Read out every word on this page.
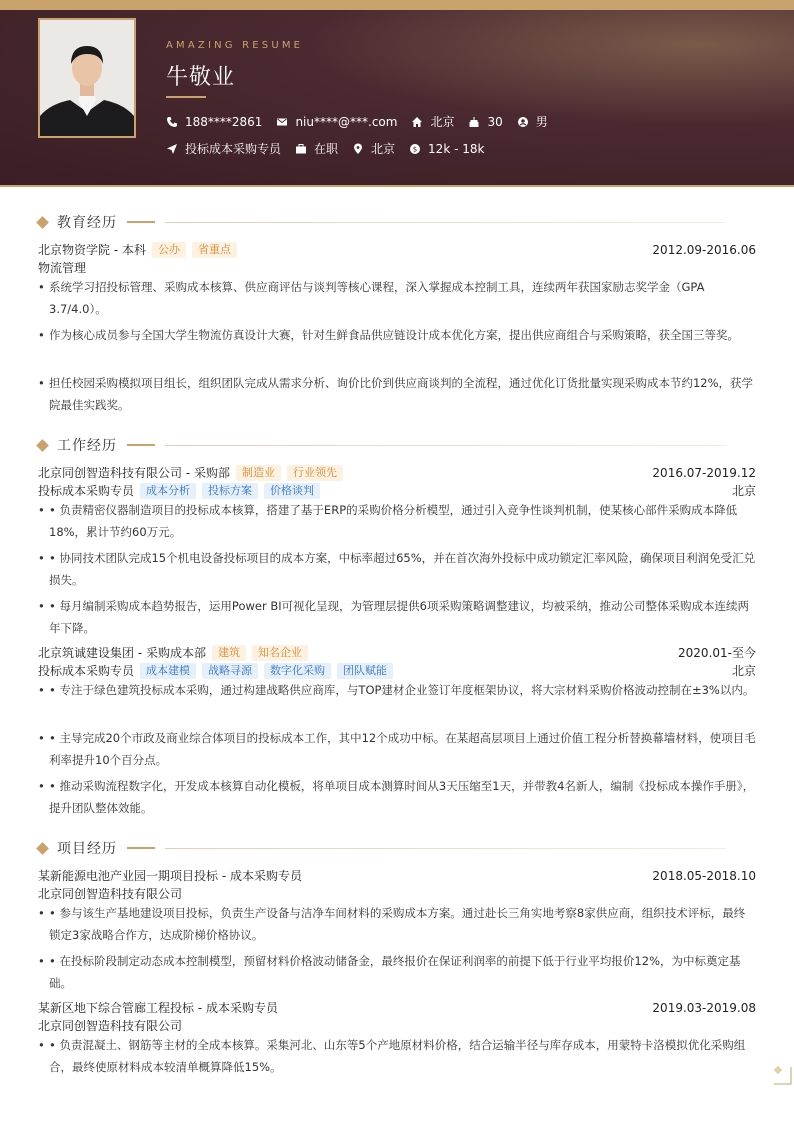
AMAZING RESUME
牛敬业
188****2861	niu****@***.com	北京	30	男
投标成本采购专员	在职	北京	$ 12k - 18k
教育经历
北京物资学院 - 本科	公办	省重点	2012.09-2016.06
物流管理
• 系统学习招投标管理、采购成本核算、供应商评估与谈判等核心课程，深入掌握成本控制工具，连续两年获国家励志奖学金（GPA 3.7/4.0）。
• 作为核心成员参与全国大学生物流仿真设计大赛，针对生鲜食品供应链设计成本优化方案，提出供应商组合与采购策略，获全国三等奖。
• 担任校园采购模拟项目组长，组织团队完成从需求分析、询价比价到供应商谈判的全流程，通过优化订货批量实现采购成本节约12%，获学院最佳实践奖。
工作经历
北京同创智造科技有限公司 - 采购部	制造业	行业领先	2016.07-2019.12
投标成本采购专员	成本分析	投标方案	价格谈判	北京
• • 负责精密仪器制造项目的投标成本核算，搭建了基于ERP的采购价格分析模型，通过引入竞争性谈判机制，使某核心部件采购成本降低18%，累计节约60万元。
• • 协同技术团队完成15个机电设备投标项目的成本方案，中标率超过65%，并在首次海外投标中成功锁定汇率风险，确保项目利润免受汇兑损失。
• • 每月编制采购成本趋势报告，运用Power BI可视化呈现，为管理层提供6项采购策略调整建议，均被采纳，推动公司整体采购成本连续两年下降。
北京筑诚建设集团 - 采购成本部	建筑	知名企业	2020.01-至今
投标成本采购专员	成本建模	战略寻源	数字化采购	团队赋能	北京
• • 专注于绿色建筑投标成本采购，通过构建战略供应商库，与TOP建材企业签订年度框架协议，将大宗材料采购价格波动控制在±3%以内。
• • 主导完成20个市政及商业综合体项目的投标成本工作，其中12个成功中标。在某超高层项目上通过价值工程分析替换幕墙材料，使项目毛利率提升10个百分点。
• • 推动采购流程数字化，开发成本核算自动化模板，将单项目成本测算时间从3天压缩至1天，并带教4名新人，编制《投标成本操作手册》，提升团队整体效能。
项目经历
某新能源电池产业园一期项目投标 - 成本采购专员	2018.05-2018.10
北京同创智造科技有限公司
• • 参与该生产基地建设项目投标，负责生产设备与洁净车间材料的采购成本方案。通过赴长三角实地考察8家供应商，组织技术评标，最终锁定3家战略合作方，达成阶梯价格协议。
• • 在投标阶段制定动态成本控制模型，预留材料价格波动储备金，最终报价在保证利润率的前提下低于行业平均报价12%，为中标奠定基础。
某新区地下综合管廊工程投标 - 成本采购专员	2019.03-2019.08
北京同创智造科技有限公司
• • 负责混凝土、钢筋等主材的全成本核算。采集河北、山东等5个产地原材料价格，结合运输半径与库存成本，用蒙特卡洛模拟优化采购组合，最终使原材料成本较清单概算降低15%。
